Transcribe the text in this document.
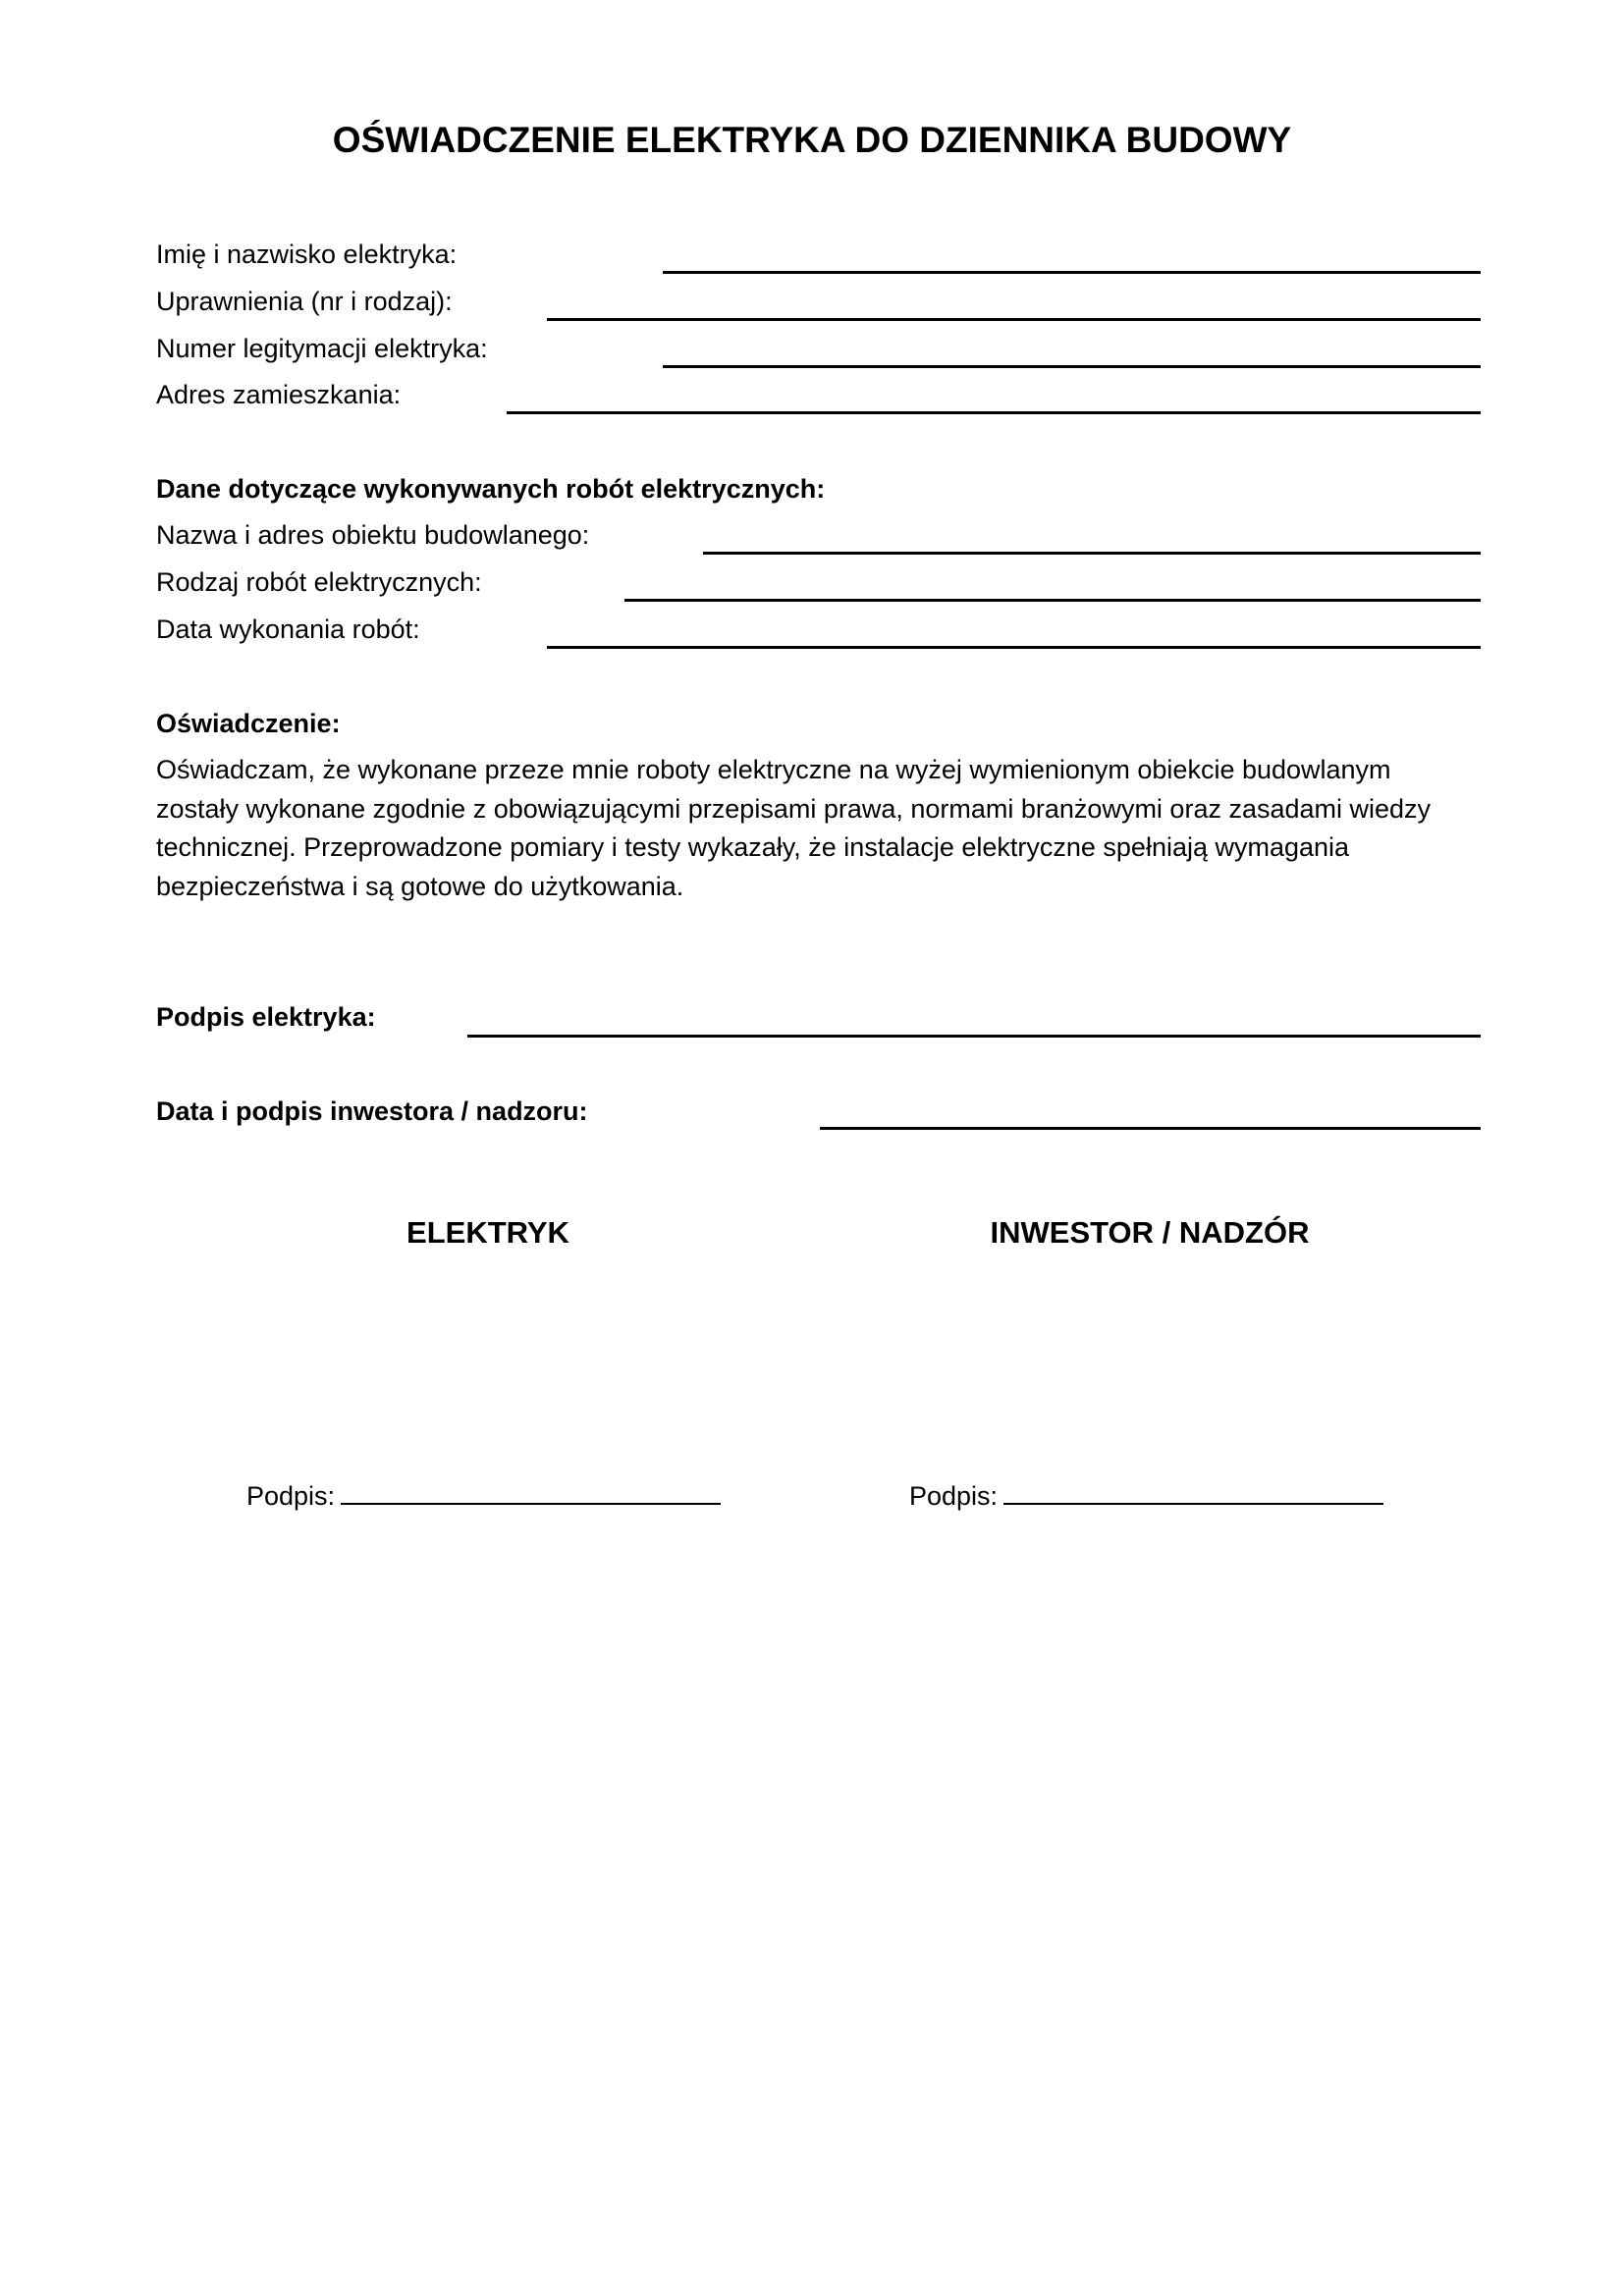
OŚWIADCZENIE ELEKTRYKA DO DZIENNIKA BUDOWY
Imię i nazwisko elektryka:
Uprawnienia (nr i rodzaj):
Numer legitymacji elektryka:
Adres zamieszkania:
Dane dotyczące wykonywanych robót elektrycznych:
Nazwa i adres obiektu budowlanego:
Rodzaj robót elektrycznych:
Data wykonania robót:
Oświadczenie:
Oświadczam, że wykonane przeze mnie roboty elektryczne na wyżej wymienionym obiekcie budowlanym
zostały wykonane zgodnie z obowiązującymi przepisami prawa, normami branżowymi oraz zasadami wiedzy
technicznej. Przeprowadzone pomiary i testy wykazały, że instalacje elektryczne spełniają wymagania
bezpieczeństwa i są gotowe do użytkowania.
Podpis elektryka:
Data i podpis inwestora / nadzoru:
ELEKTRYK	INWESTOR / NADZÓR
Podpis:	Podpis:
